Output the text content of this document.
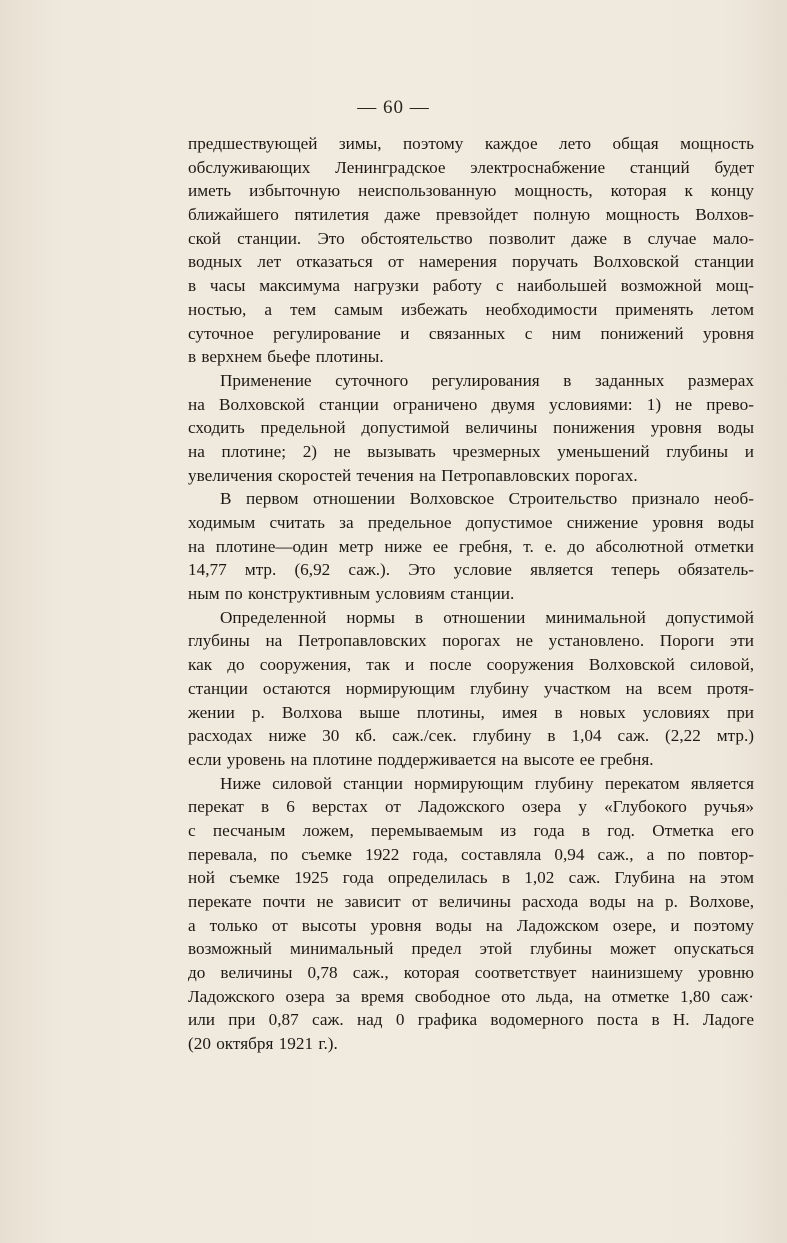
— 60 —

предшествующей зимы, поэтому каждое лето общая мощность
обслуживающих Ленинградское электроснабжение станций будет
иметь избыточную неиспользованную мощность, которая к концу
ближайшего пятилетия даже превзойдет полную мощность Волхов-
ской станции. Это обстоятельство позволит даже в случае мало-
водных лет отказаться от намерения поручать Волховской станции
в часы максимума нагрузки работу с наибольшей возможной мощ-
ностью, а тем самым избежать необходимости применять летом
суточное регулирование и связанных с ним понижений уровня
в верхнем бьефе плотины.

Применение суточного регулирования в заданных размерах
на Волховской станции ограничено двумя условиями: 1) не прево-
сходить предельной допустимой величины понижения уровня воды
на плотине; 2) не вызывать чрезмерных уменьшений глубины и
увеличения скоростей течения на Петропавловских порогах.

В первом отношении Волховское Строительство признало необ-
ходимым считать за предельное допустимое снижение уровня воды
на плотине—один метр ниже ее гребня, т. е. до абсолютной отметки
14,77 мтр. (6,92 саж.). Это условие является теперь обязатель-
ным по конструктивным условиям станции.

Определенной нормы в отношении минимальной допустимой
глубины на Петропавловских порогах не установлено. Пороги эти
как до сооружения, так и после сооружения Волховской силовой,
станции остаются нормирующим глубину участком на всем протя-
жении р. Волхова выше плотины, имея в новых условиях при
расходах ниже 30 кб. саж./сек. глубину в 1,04 саж. (2,22 мтр.)
если уровень на плотине поддерживается на высоте ее гребня.

Ниже силовой станции нормирующим глубину перекатом является
перекат в 6 верстах от Ладожского озера у «Глубокого ручья»
с песчаным ложем, перемываемым из года в год. Отметка его
перевала, по съемке 1922 года, составляла 0,94 саж., а по повтор-
ной съемке 1925 года определилась в 1,02 саж. Глубина на этом
перекате почти не зависит от величины расхода воды на р. Волхове,
а только от высоты уровня воды на Ладожском озере, и поэтому
возможный минимальный предел этой глубины может опускаться
до величины 0,78 саж., которая соответствует наинизшему уровню
Ладожского озера за время свободное ото льда, на отметке 1,80 саж·
или при 0,87 саж. над 0 графика водомерного поста в Н. Ладоге
(20 октября 1921 г.).
